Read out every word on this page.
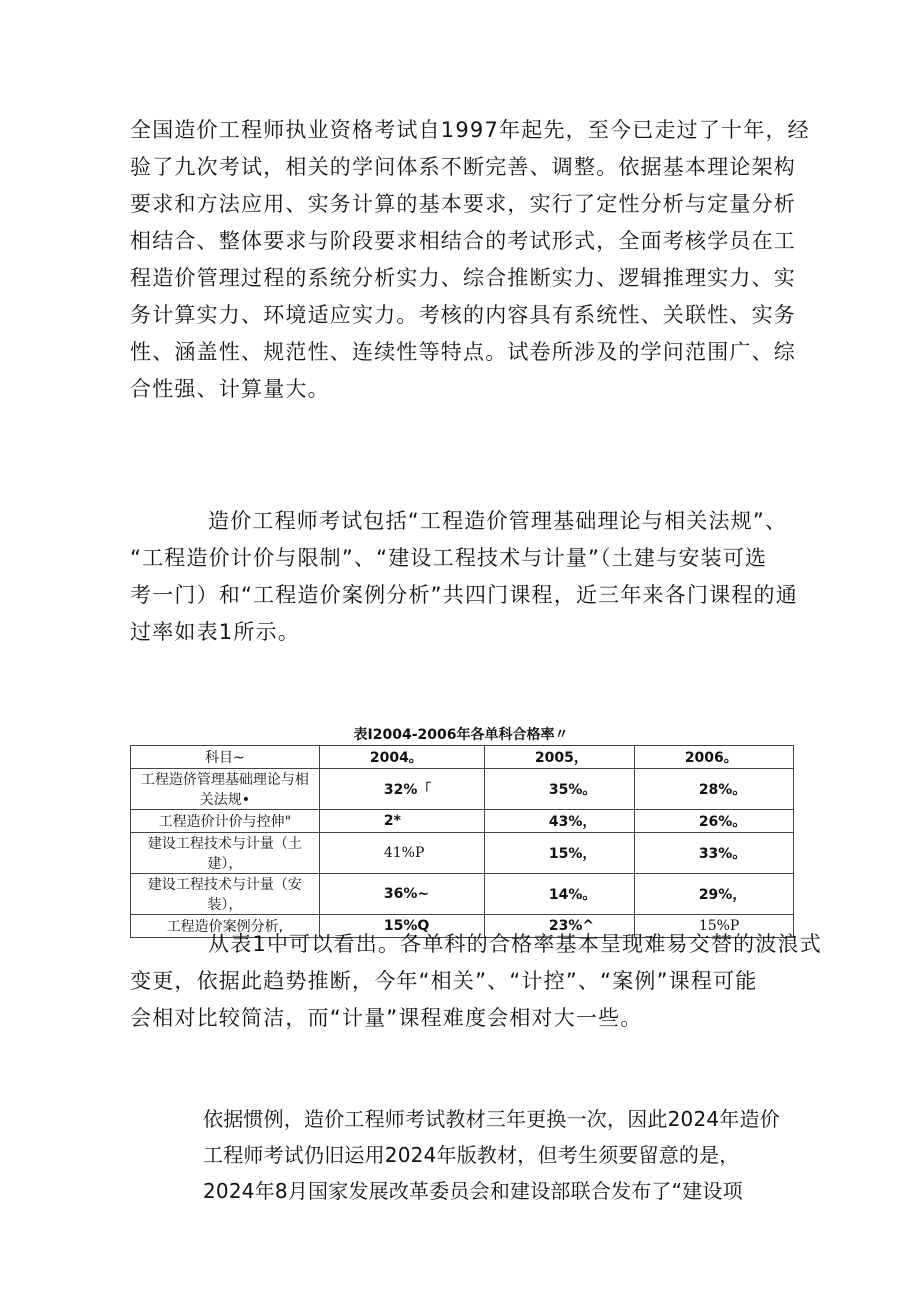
全国造价工程师执业资格考试自1997年起先，至今已走过了十年，经
验了九次考试，相关的学问体系不断完善、调整。依据基本理论架构
要求和方法应用、实务计算的基本要求，实行了定性分析与定量分析
相结合、整体要求与阶段要求相结合的考试形式，全面考核学员在工
程造价管理过程的系统分析实力、综合推断实力、逻辑推理实力、实
务计算实力、环境适应实力。考核的内容具有系统性、关联性、实务
性、涵盖性、规范性、连续性等特点。试卷所涉及的学问范围广、综
合性强、计算量大。
造价工程师考试包括“工程造价管理基础理论与相关法规”、
“工程造价计价与限制”、“建设工程技术与计量”（土建与安装可选
考一门）和“工程造价案例分析”共四门课程，近三年来各门课程的通
过率如表1所示。
表I2004-2006年各单科合格率〃
科目~	2004。	2005，	2006。
工程造侪管理基础理论与相关法规•	32%「	35%。	28%。
工程造价计价与控伸"	2*	43%，	26%。
建设工程技术与计量（土建），	41%P	15%，	33%。
建设工程技术与计量（安装），	36%~	14%。	29%，
工程造价案例分析,	15%Q	23%^	15%P
从表1中可以看出。各单科的合格率基本呈现难易交替的波浪式
变更，依据此趋势推断，今年“相关”、“计控”、“案例”课程可能
会相对比较简洁，而“计量”课程难度会相对大一些。
依据惯例，造价工程师考试教材三年更换一次，因此2024年造价
工程师考试仍旧运用2024年版教材，但考生须要留意的是，
2024年8月国家发展改革委员会和建设部联合发布了“建设项
